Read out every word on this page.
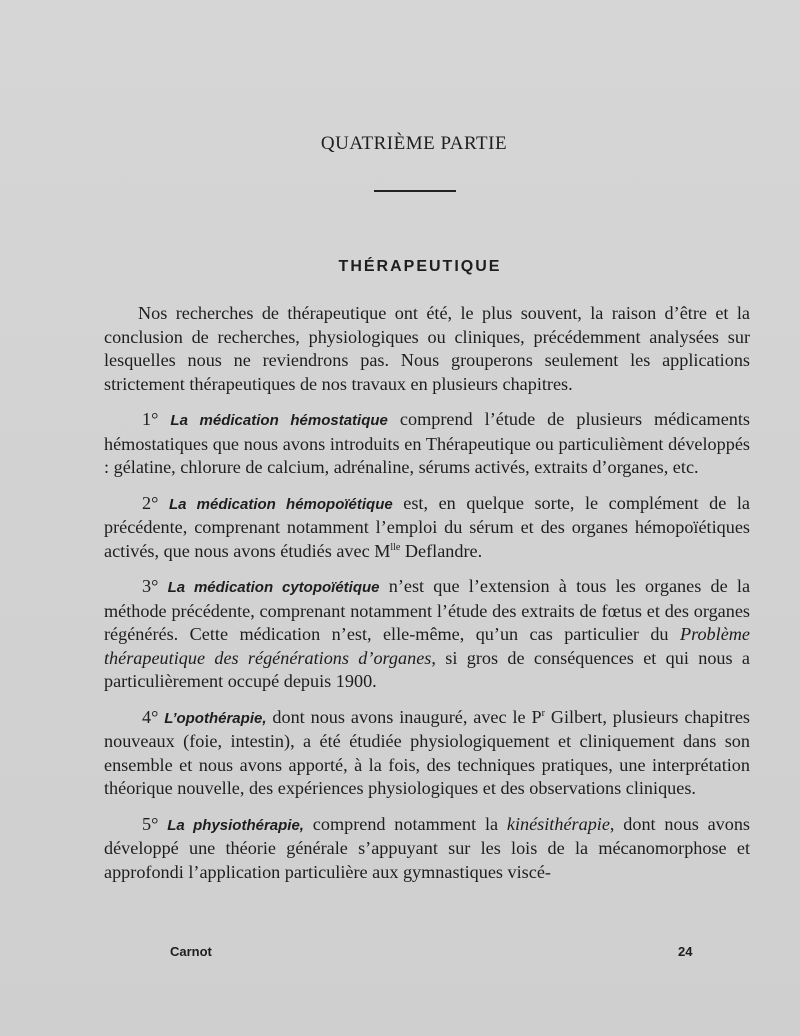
QUATRIÈME PARTIE
THÉRAPEUTIQUE

Nos recherches de thérapeutique ont été, le plus souvent, la raison d’être et la conclusion de recherches, physiologiques ou cliniques, précédemment analysées sur lesquelles nous ne reviendrons pas. Nous grouperons seulement les applications strictement thérapeutiques de nos travaux en plusieurs chapitres.

1° La médication hémostatique comprend l’étude de plusieurs médicaments hémostatiques que nous avons introduits en Thérapeutique ou particulièment développés : gélatine, chlorure de calcium, adrénaline, sérums activés, extraits d’organes, etc.

2° La médication hémopoïétique est, en quelque sorte, le complément de la précédente, comprenant notamment l’emploi du sérum et des organes hémopoïétiques activés, que nous avons étudiés avec $M^{lle}$ Deflandre.

3° La médication cytopoïétique n’est que l’extension à tous les organes de la méthode précédente, comprenant notamment l’étude des extraits de fœtus et des organes régénérés. Cette médication n’est, elle-même, qu’un cas particulier du Problème thérapeutique des régénérations d’organes, si gros de conséquences et qui nous a particulièrement occupé depuis 1900.

4° L’opothérapie, dont nous avons inauguré, avec le $P^r$ Gilbert, plusieurs chapitres nouveaux (foie, intestin), a été étudiée physiologiquement et cliniquement dans son ensemble et nous avons apporté, à la fois, des techniques pratiques, une interprétation théorique nouvelle, des expériences physiologiques et des observations cliniques.

5° La physiothérapie, comprend notamment la kinésithérapie, dont nous avons développé une théorie générale s’appuyant sur les lois de la mécanomorphose et approfondi l’application particulière aux gymnastiques viscé-

Carnot	24
